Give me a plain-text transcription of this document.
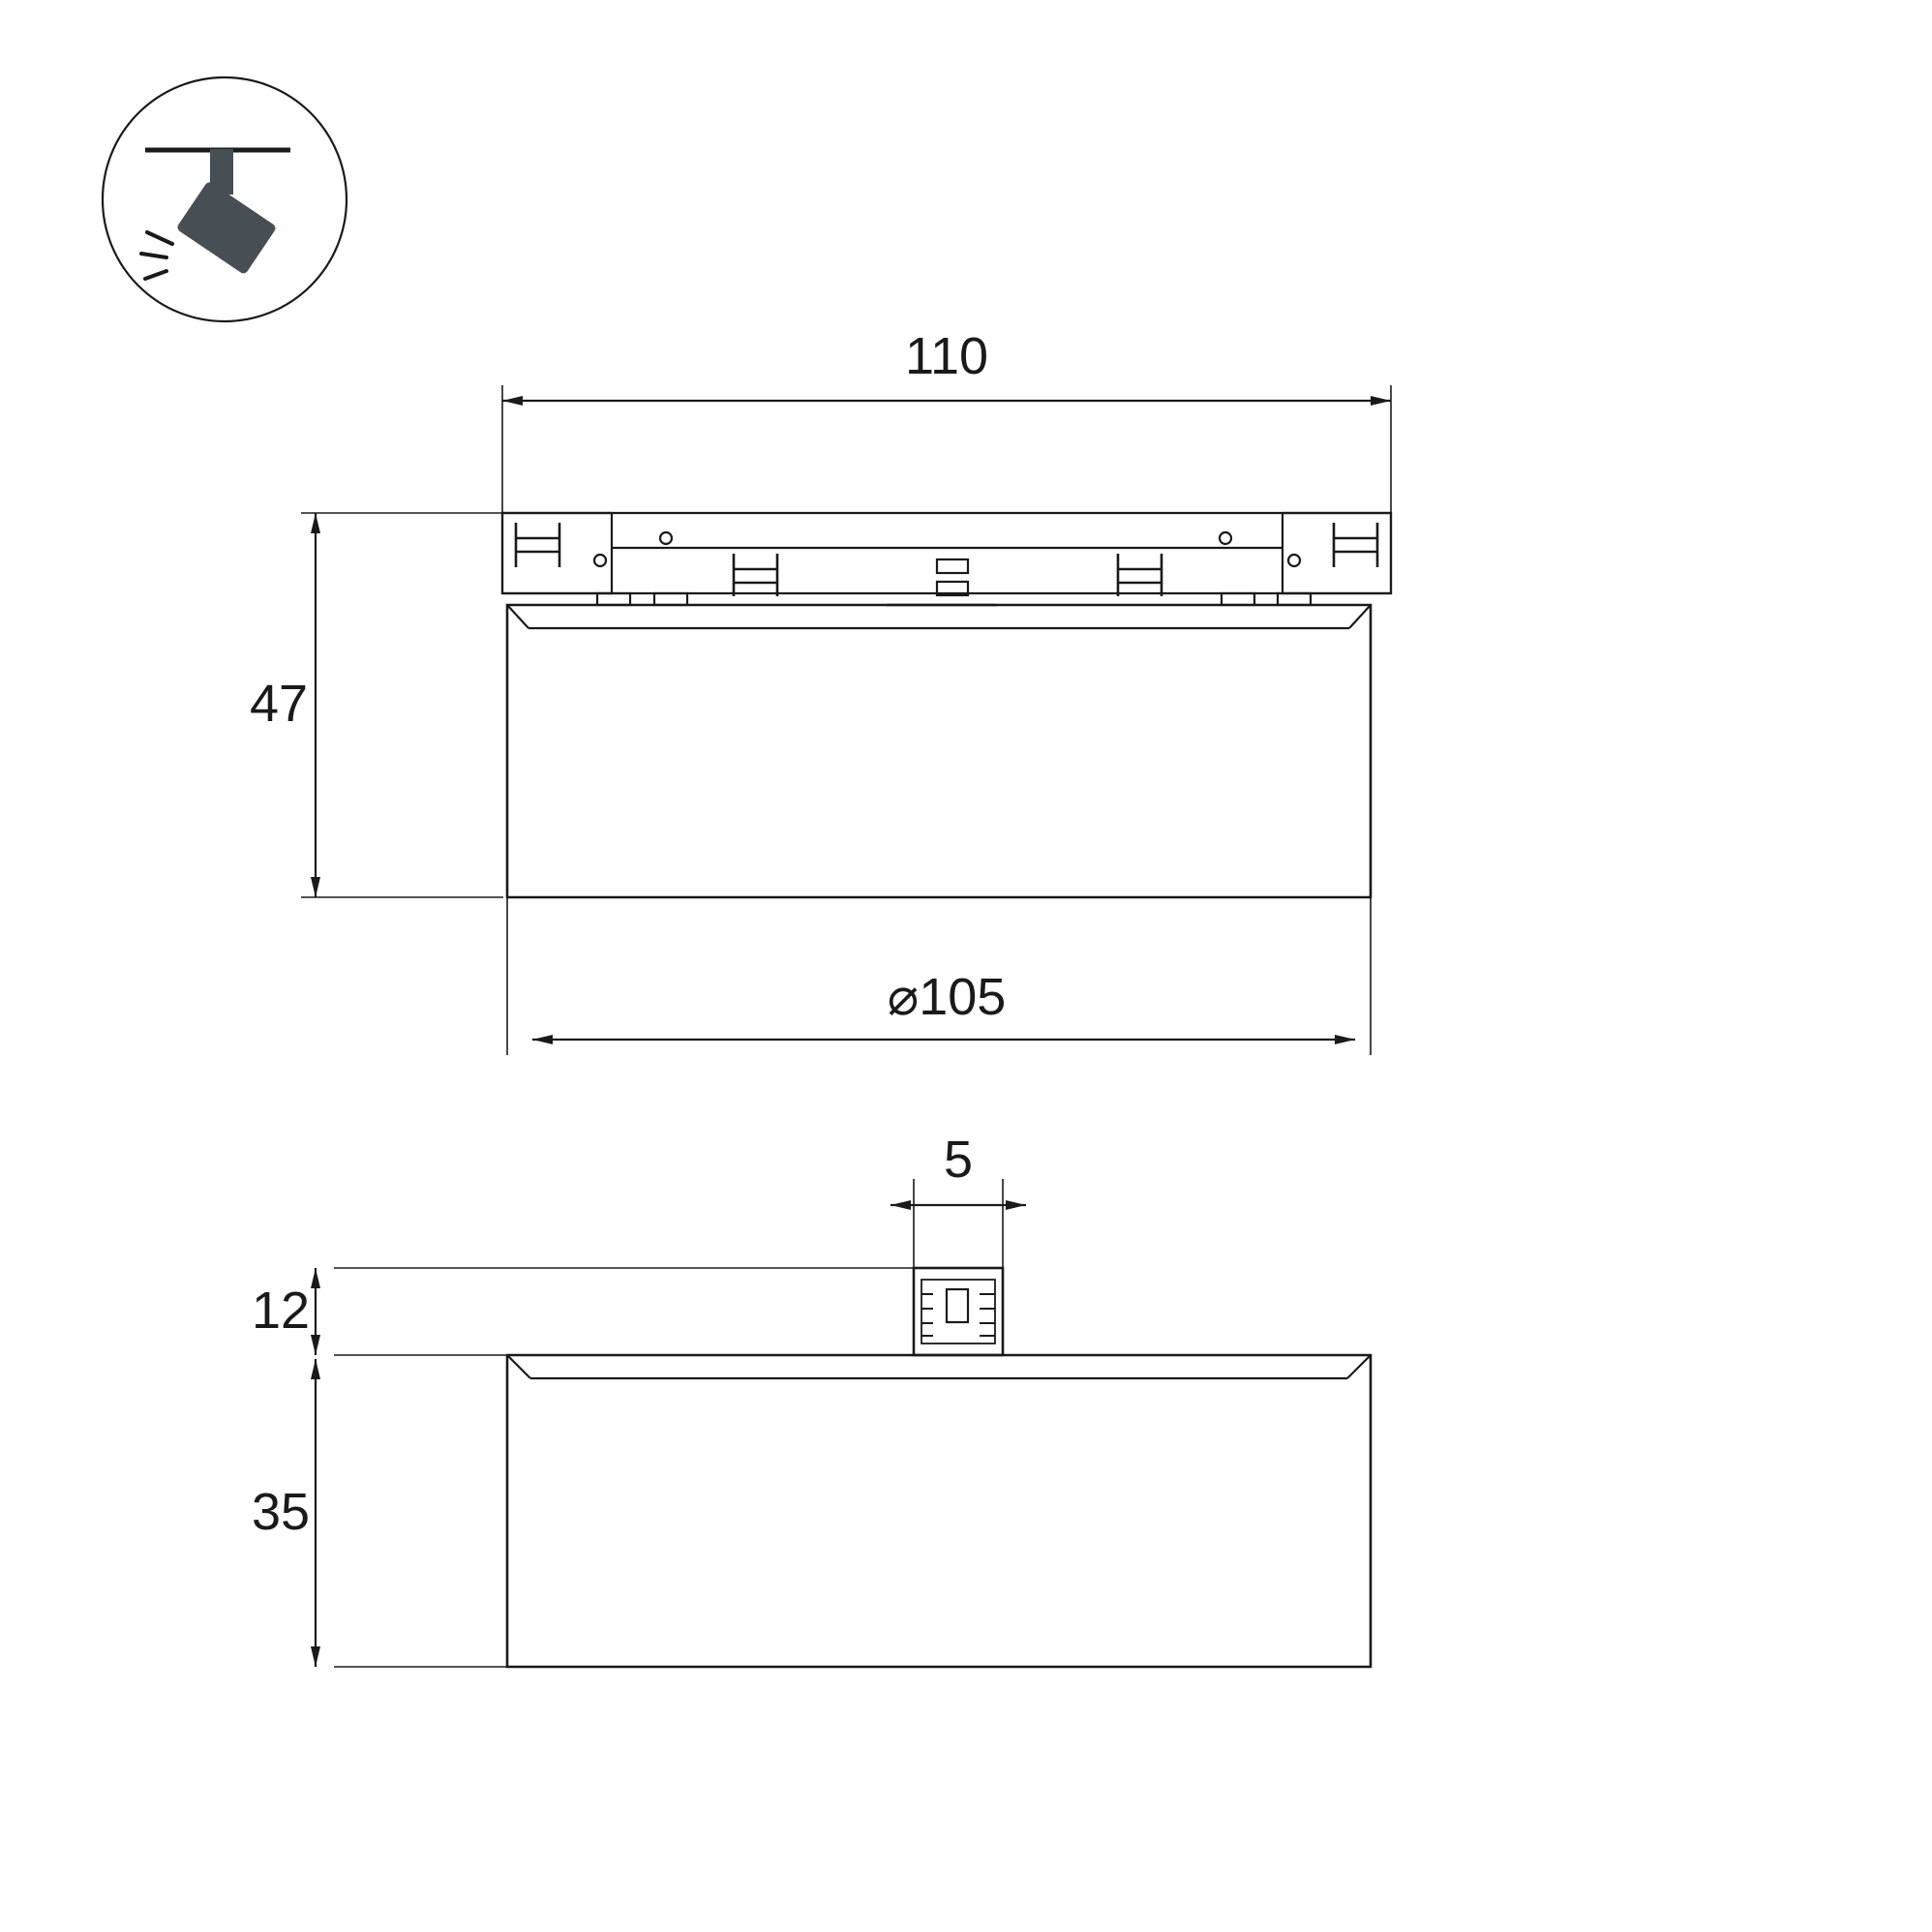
110
47
⌀105
5
12
35
